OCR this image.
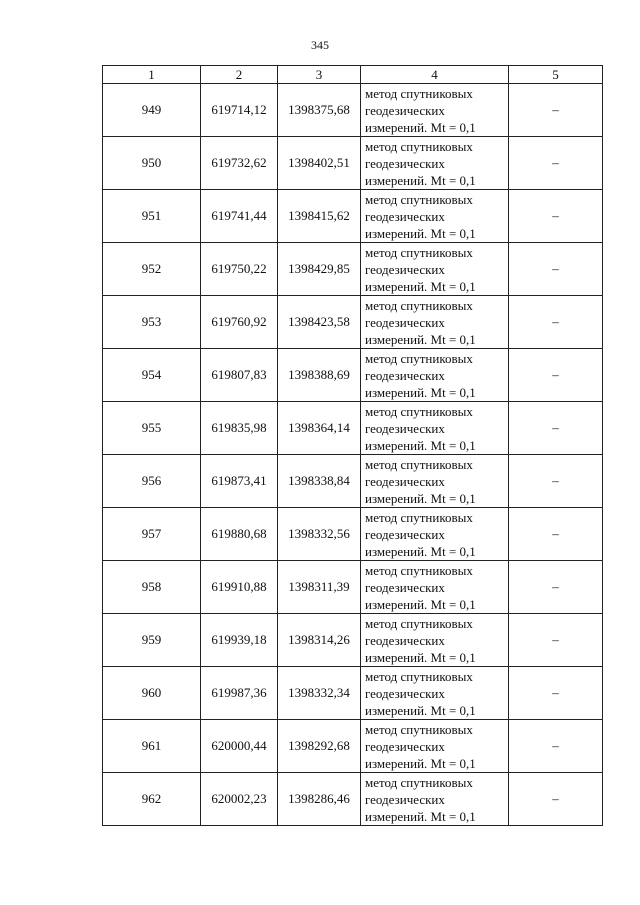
345
1	2	3	4	5
949	619714,12	1398375,68	метод спутниковых
геодезических
измерений. Mt = 0,1	–
950	619732,62	1398402,51	метод спутниковых
геодезических
измерений. Mt = 0,1	–
951	619741,44	1398415,62	метод спутниковых
геодезических
измерений. Mt = 0,1	–
952	619750,22	1398429,85	метод спутниковых
геодезических
измерений. Mt = 0,1	–
953	619760,92	1398423,58	метод спутниковых
геодезических
измерений. Mt = 0,1	–
954	619807,83	1398388,69	метод спутниковых
геодезических
измерений. Mt = 0,1	–
955	619835,98	1398364,14	метод спутниковых
геодезических
измерений. Mt = 0,1	–
956	619873,41	1398338,84	метод спутниковых
геодезических
измерений. Mt = 0,1	–
957	619880,68	1398332,56	метод спутниковых
геодезических
измерений. Mt = 0,1	–
958	619910,88	1398311,39	метод спутниковых
геодезических
измерений. Mt = 0,1	–
959	619939,18	1398314,26	метод спутниковых
геодезических
измерений. Mt = 0,1	–
960	619987,36	1398332,34	метод спутниковых
геодезических
измерений. Mt = 0,1	–
961	620000,44	1398292,68	метод спутниковых
геодезических
измерений. Mt = 0,1	–
962	620002,23	1398286,46	метод спутниковых
геодезических
измерений. Mt = 0,1	–
